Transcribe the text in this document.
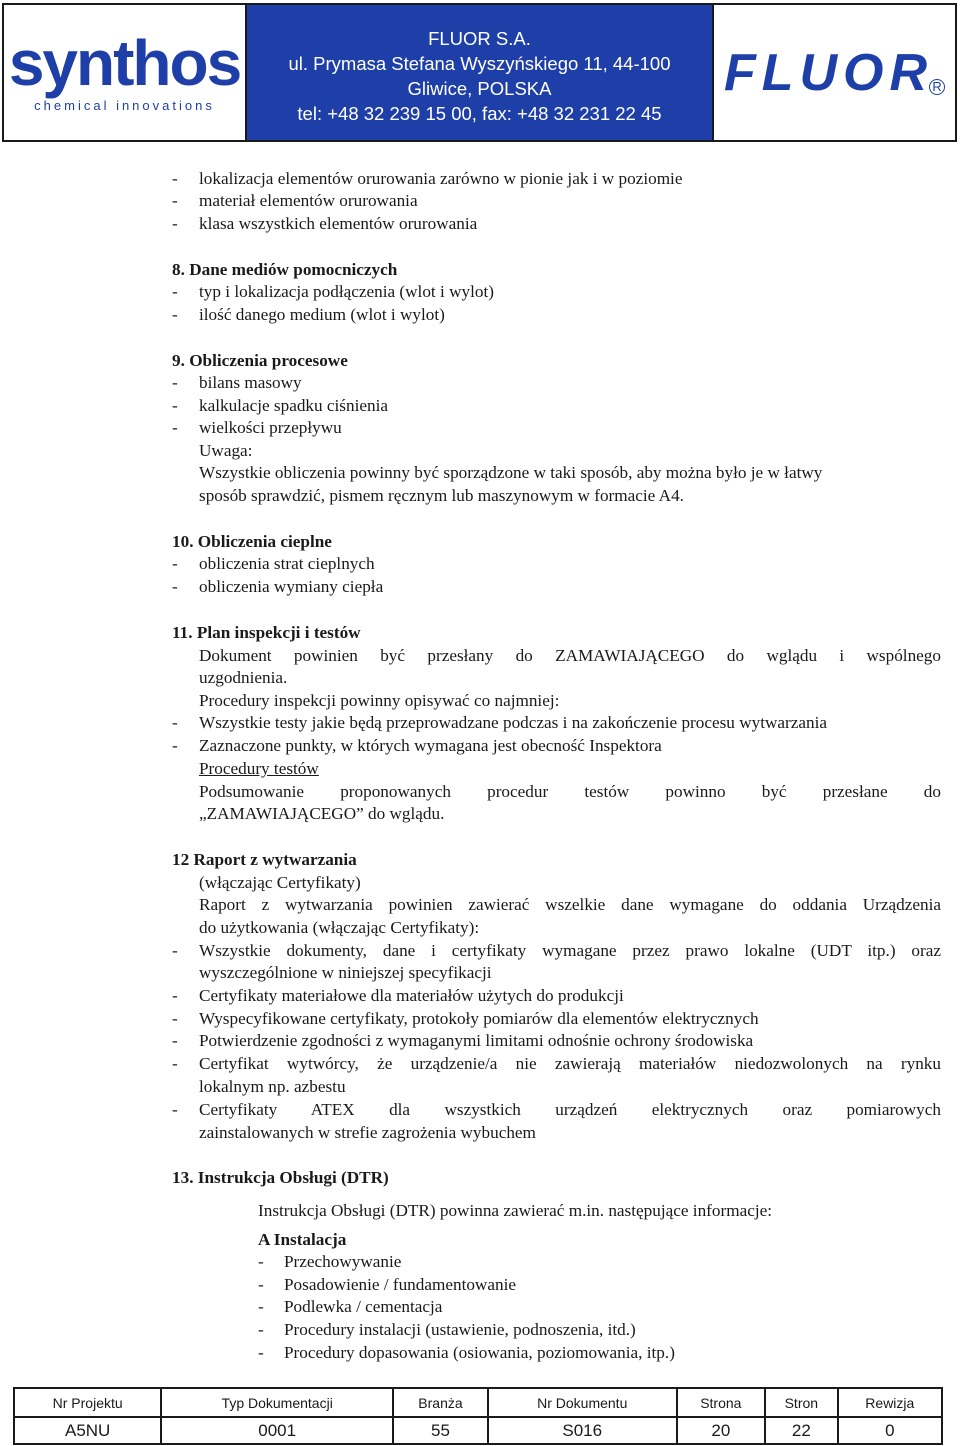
synthos
chemical innovations
FLUOR S.A.
ul. Prymasa Stefana Wyszyńskiego 11, 44-100
Gliwice, POLSKA
tel: +48 32 239 15 00, fax: +48 32 231 22 45
FLUOR R
- lokalizacja elementów orurowania zarówno w pionie jak i w poziomie
- materiał elementów orurowania
- klasa wszystkich elementów orurowania
8. Dane mediów pomocniczych
- typ i lokalizacja podłączenia (wlot i wylot)
- ilość danego medium (wlot i wylot)
9. Obliczenia procesowe
- bilans masowy
- kalkulacje spadku ciśnienia
- wielkości przepływu
Uwaga:
Wszystkie obliczenia powinny być sporządzone w taki sposób, aby można było je w łatwy
sposób sprawdzić, pismem ręcznym lub maszynowym w formacie A4.
10. Obliczenia cieplne
- obliczenia strat cieplnych
- obliczenia wymiany ciepła
11. Plan inspekcji i testów
Dokument powinien być przesłany do ZAMAWIAJĄCEGO do wglądu i wspólnego
uzgodnienia.
Procedury inspekcji powinny opisywać co najmniej:
- Wszystkie testy jakie będą przeprowadzane podczas i na zakończenie procesu wytwarzania
- Zaznaczone punkty, w których wymagana jest obecność Inspektora
Procedury testów
Podsumowanie proponowanych procedur testów powinno być przesłane do
„ZAMAWIAJĄCEGO” do wglądu.
12 Raport z wytwarzania
(włączając Certyfikaty)
Raport z wytwarzania powinien zawierać wszelkie dane wymagane do oddania Urządzenia
do użytkowania (włączając Certyfikaty):
- Wszystkie dokumenty, dane i certyfikaty wymagane przez prawo lokalne (UDT itp.) oraz
wyszczególnione w niniejszej specyfikacji
- Certyfikaty materiałowe dla materiałów użytych do produkcji
- Wyspecyfikowane certyfikaty, protokoły pomiarów dla elementów elektrycznych
- Potwierdzenie zgodności z wymaganymi limitami odnośnie ochrony środowiska
- Certyfikat wytwórcy, że urządzenie/a nie zawierają materiałów niedozwolonych na rynku
lokalnym np. azbestu
- Certyfikaty ATEX dla wszystkich urządzeń elektrycznych oraz pomiarowych
zainstalowanych w strefie zagrożenia wybuchem
13. Instrukcja Obsługi (DTR)
Instrukcja Obsługi (DTR) powinna zawierać m.in. następujące informacje:
A Instalacja
- Przechowywanie
- Posadowienie / fundamentowanie
- Podlewka / cementacja
- Procedury instalacji (ustawienie, podnoszenia, itd.)
- Procedury dopasowania (osiowania, poziomowania, itp.)
Nr Projektu	Typ Dokumentacji	Branża	Nr Dokumentu	Strona	Stron	Rewizja
A5NU	0001	55	S016	20	22	0
